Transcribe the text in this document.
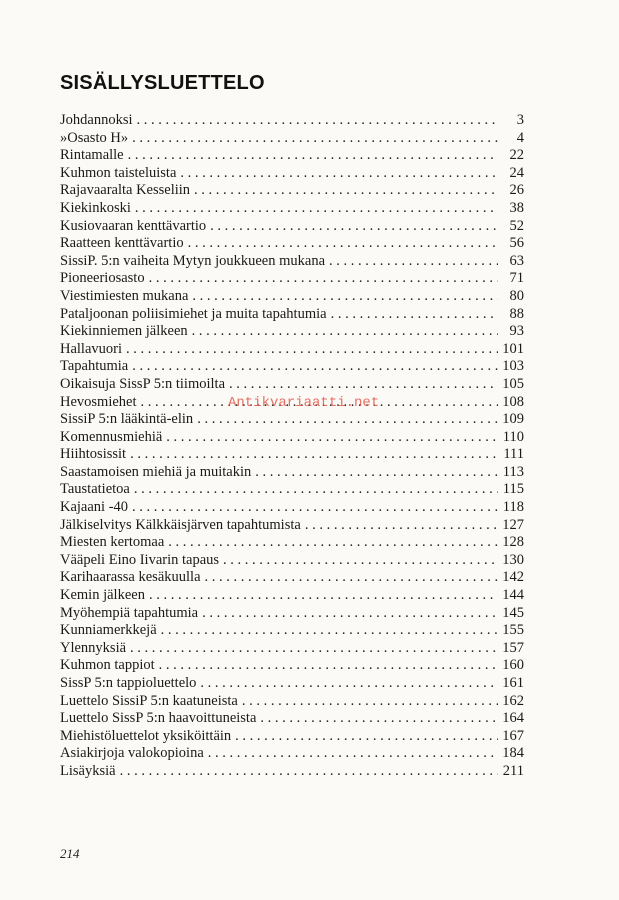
SISÄLLYSLUETTELO
Johdannoksi . . .	3
»Osasto H» . . .	4
Rintamalle . . .	22
Kuhmon taisteluista . . .	24
Rajavaaralta Kesseliin . . .	26
Kiekinkoski . . .	38
Kusiovaaran kenttävartio . . .	52
Raatteen kenttävartio . . .	56
SissiP. 5:n vaiheita Mytyn joukkueen mukana . . .	63
Pioneeriosasto . . .	71
Viestimiesten mukana . . .	80
Pataljoonan poliisimiehet ja muita tapahtumia . . .	88
Kiekinniemen jälkeen . . .	93
Hallavuori . . .	101
Tapahtumia . . .	103
Oikaisuja SissP 5:n tiimoilta . . .	105
Hevosmiehet . . .	108
SissiP 5:n lääkintä-elin . . .	109
Komennusmiehiä . . .	110
Hiihtosissit . . .	111
Saastamoisen miehiä ja muitakin . . .	113
Taustatietoa . . .	115
Kajaani -40 . . .	118
Jälkiselvitys Kälkkäisjärven tapahtumista . . .	127
Miesten kertomaa . . .	128
Vääpeli Eino Iivarin tapaus . . .	130
Karihaarassa kesäkuulla . . .	142
Kemin jälkeen . . .	144
Myöhempiä tapahtumia . . .	145
Kunniamerkkejä . . .	155
Ylennyksiä . . .	157
Kuhmon tappiot . . .	160
SissP 5:n tappioluettelo . . .	161
Luettelo SissiP 5:n kaatuneista . . .	162
Luettelo SissP 5:n haavoittuneista . . .	164
Miehistöluettelot yksiköittäin . . .	167
Asiakirjoja valokopioina . . .	184
Lisäyksiä . . .	211
Antikvariaatti.net
214
